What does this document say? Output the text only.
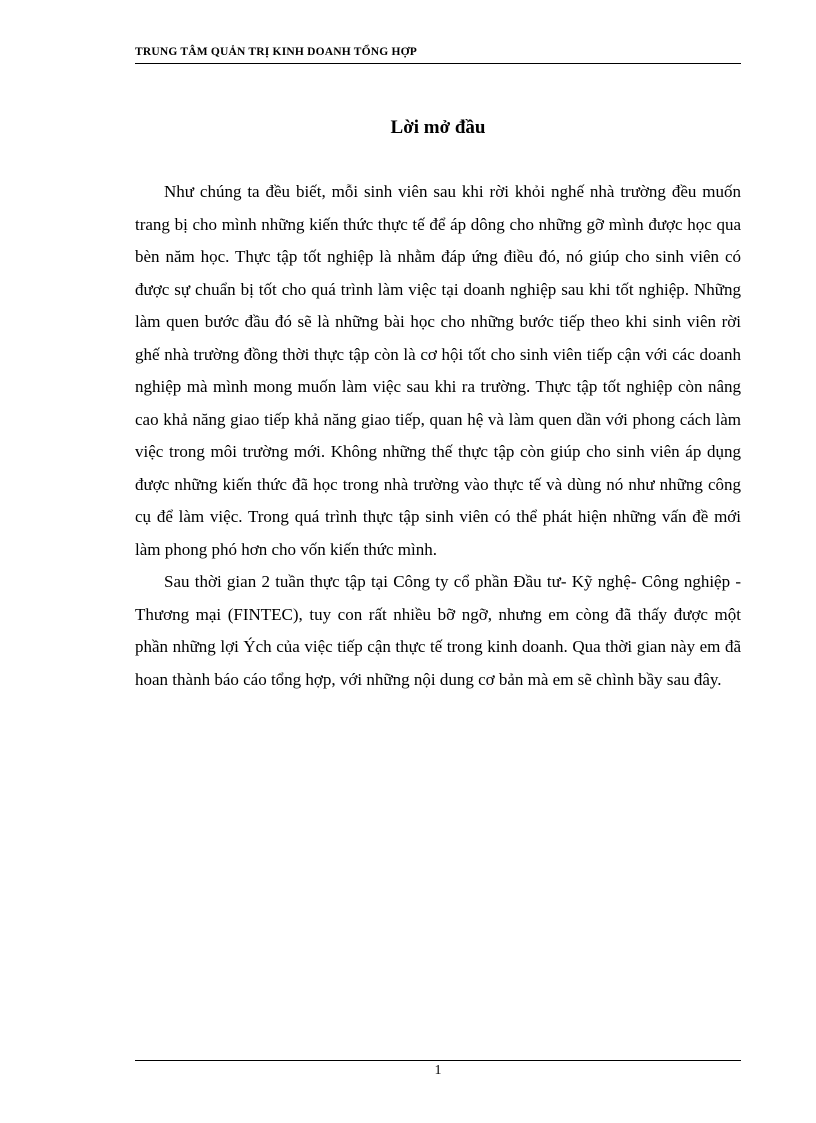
TRUNG TÂM QUẢN TRỊ KINH DOANH TỔNG HỢP
Lời mở đầu

Như chúng ta đều biết, mỗi sinh viên sau khi rời khỏi nghế nhà trường đều muốn trang bị cho mình những kiến thức thực tế để áp dông cho những gỡ mình được học qua bèn năm học. Thực tập tốt nghiệp là nhằm đáp ứng điều đó, nó giúp cho sinh viên có được sự chuẩn bị tốt cho quá trình làm việc tại doanh nghiệp sau khi tốt nghiệp. Những làm quen bước đầu đó sẽ là những bài học cho những bước tiếp theo khi sinh viên rời ghế nhà trường đồng thời thực tập còn là cơ hội tốt cho sinh viên tiếp cận với các doanh nghiệp mà mình mong muốn làm việc sau khi ra trường. Thực tập tốt nghiệp còn nâng cao khả năng giao tiếp khả năng giao tiếp, quan hệ và làm quen dần với phong cách làm việc trong môi trường mới. Không những thế thực tập còn giúp cho sinh viên áp dụng được những kiến thức đã học trong nhà trường vào thực tế và dùng nó như những công cụ để làm việc. Trong quá trình thực tập sinh viên có thể phát hiện những vấn đề mới làm phong phó hơn cho vốn kiến thức mình.

Sau thời gian 2 tuần thực tập tại Công ty cổ phần Đầu tư- Kỹ nghệ- Công nghiệp - Thương mại (FINTEC), tuy con rất nhiều bỡ ngỡ, nhưng em còng đã thấy được một phần những lợi Ých của việc tiếp cận thực tế trong kinh doanh. Qua thời gian này em đã hoan thành báo cáo tổng hợp, với những nội dung cơ bản mà em sẽ chình bầy sau đây.

1
